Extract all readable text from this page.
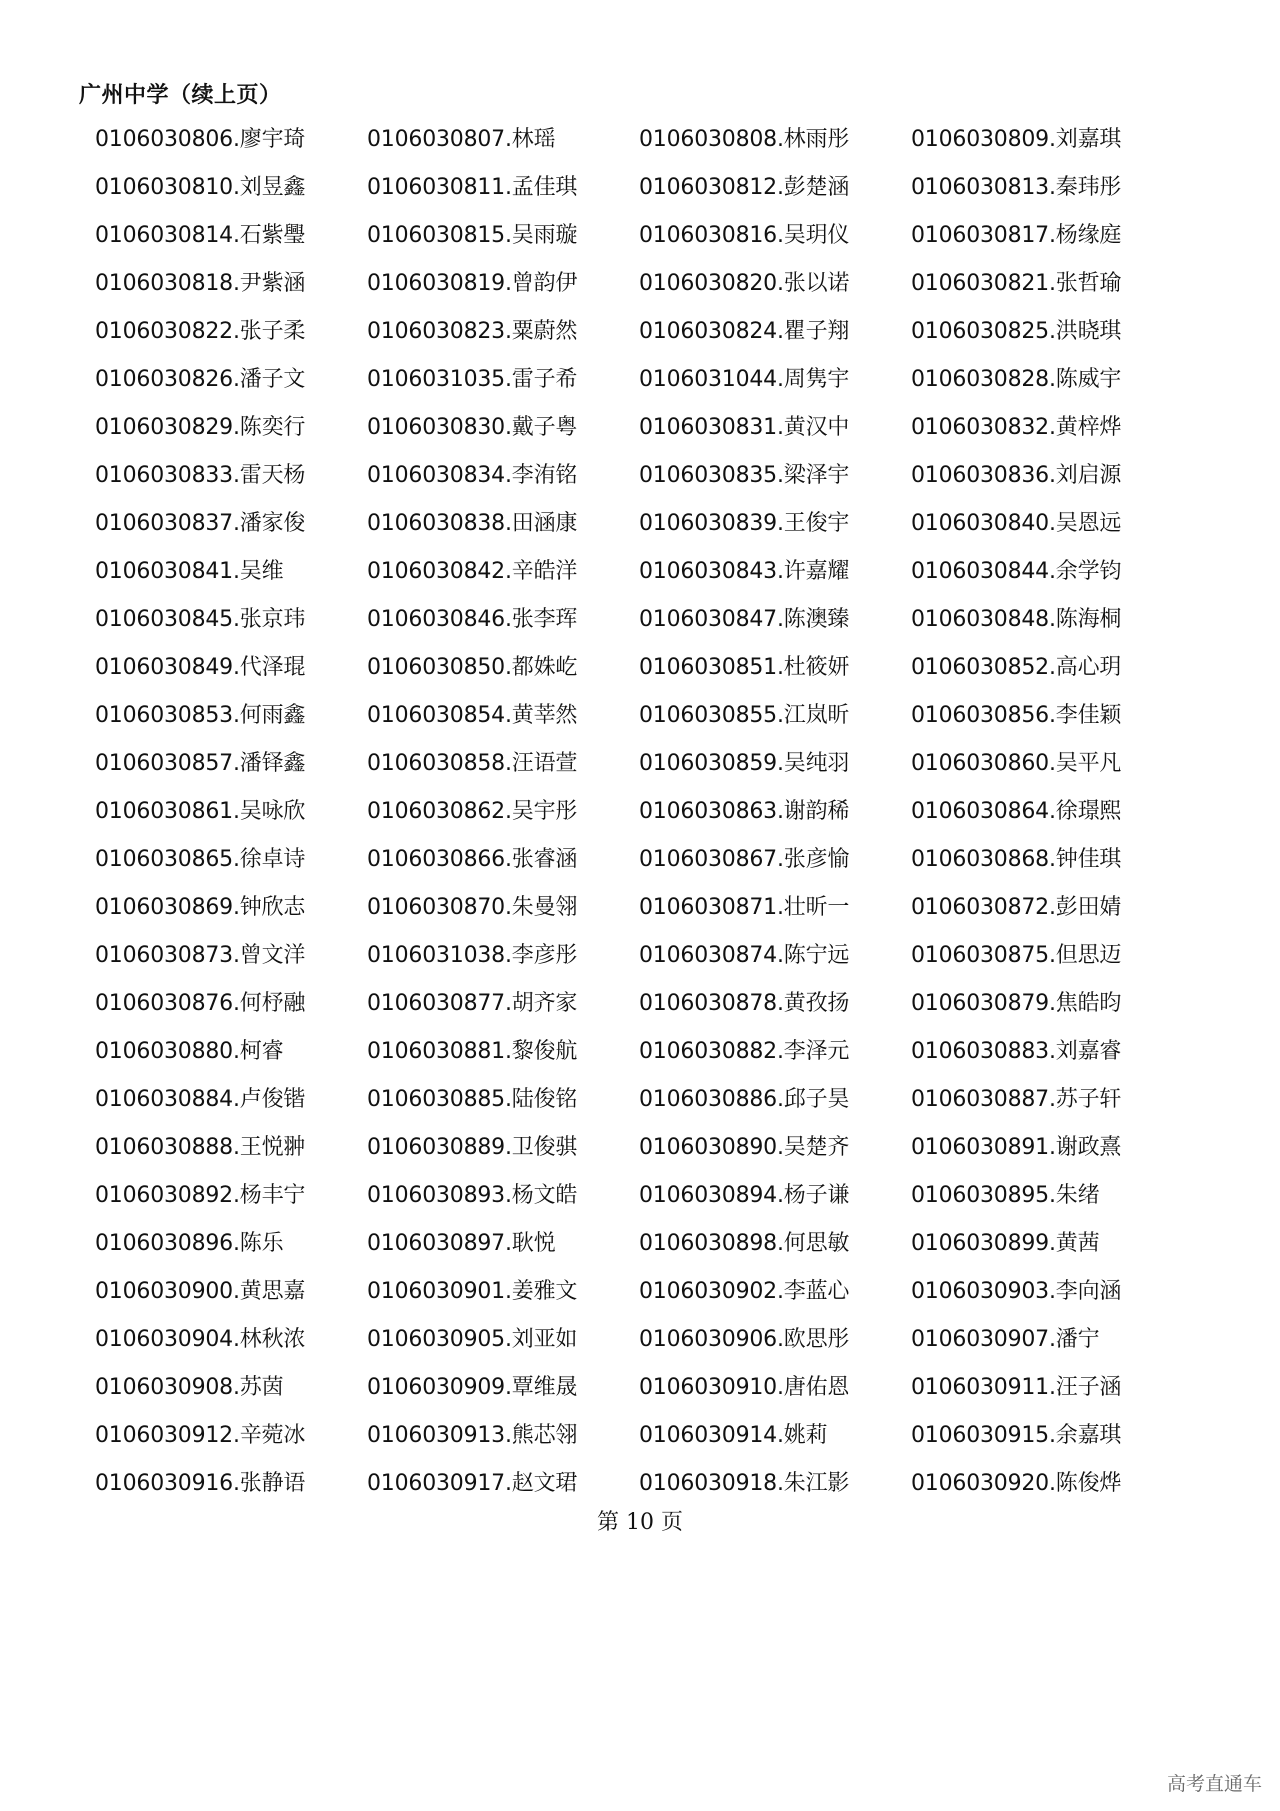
广州中学（续上页）
0106030806.廖宇琦	0106030807.林瑶	0106030808.林雨彤	0106030809.刘嘉琪
0106030810.刘昱鑫	0106030811.孟佳琪	0106030812.彭楚涵	0106030813.秦玮彤
0106030814.石紫璺	0106030815.吴雨璇	0106030816.吴玥仪	0106030817.杨缘庭
0106030818.尹紫涵	0106030819.曾韵伊	0106030820.张以诺	0106030821.张哲瑜
0106030822.张子柔	0106030823.粟蔚然	0106030824.瞿子翔	0106030825.洪晓琪
0106030826.潘子文	0106031035.雷子希	0106031044.周隽宇	0106030828.陈威宇
0106030829.陈奕行	0106030830.戴子粤	0106030831.黄汉中	0106030832.黄梓烨
0106030833.雷天杨	0106030834.李洧铭	0106030835.梁泽宇	0106030836.刘启源
0106030837.潘家俊	0106030838.田涵康	0106030839.王俊宇	0106030840.吴恩远
0106030841.吴维	0106030842.辛皓洋	0106030843.许嘉耀	0106030844.余学钧
0106030845.张京玮	0106030846.张李珲	0106030847.陈澳臻	0106030848.陈海桐
0106030849.代泽琨	0106030850.都姝屹	0106030851.杜筱妍	0106030852.高心玥
0106030853.何雨鑫	0106030854.黄莘然	0106030855.江岚昕	0106030856.李佳颖
0106030857.潘铎鑫	0106030858.汪语萱	0106030859.吴纯羽	0106030860.吴平凡
0106030861.吴咏欣	0106030862.吴宇彤	0106030863.谢韵稀	0106030864.徐璟熙
0106030865.徐卓诗	0106030866.张睿涵	0106030867.张彦愉	0106030868.钟佳琪
0106030869.钟欣志	0106030870.朱曼翎	0106030871.壮昕一	0106030872.彭田婧
0106030873.曾文洋	0106031038.李彦彤	0106030874.陈宁远	0106030875.但思迈
0106030876.何杼融	0106030877.胡齐家	0106030878.黄孜扬	0106030879.焦皓昀
0106030880.柯睿	0106030881.黎俊航	0106030882.李泽元	0106030883.刘嘉睿
0106030884.卢俊锴	0106030885.陆俊铭	0106030886.邱子昊	0106030887.苏子轩
0106030888.王悦翀	0106030889.卫俊骐	0106030890.吴楚齐	0106030891.谢政熹
0106030892.杨丰宁	0106030893.杨文皓	0106030894.杨子谦	0106030895.朱绪
0106030896.陈乐	0106030897.耿悦	0106030898.何思敏	0106030899.黄茜
0106030900.黄思嘉	0106030901.姜雅文	0106030902.李蓝心	0106030903.李向涵
0106030904.林秋浓	0106030905.刘亚如	0106030906.欧思彤	0106030907.潘宁
0106030908.苏茵	0106030909.覃维晟	0106030910.唐佑恩	0106030911.汪子涵
0106030912.辛菀冰	0106030913.熊芯翎	0106030914.姚莉	0106030915.余嘉琪
0106030916.张静语	0106030917.赵文珺	0106030918.朱江影	0106030920.陈俊烨
第 10 页
高考直通车
